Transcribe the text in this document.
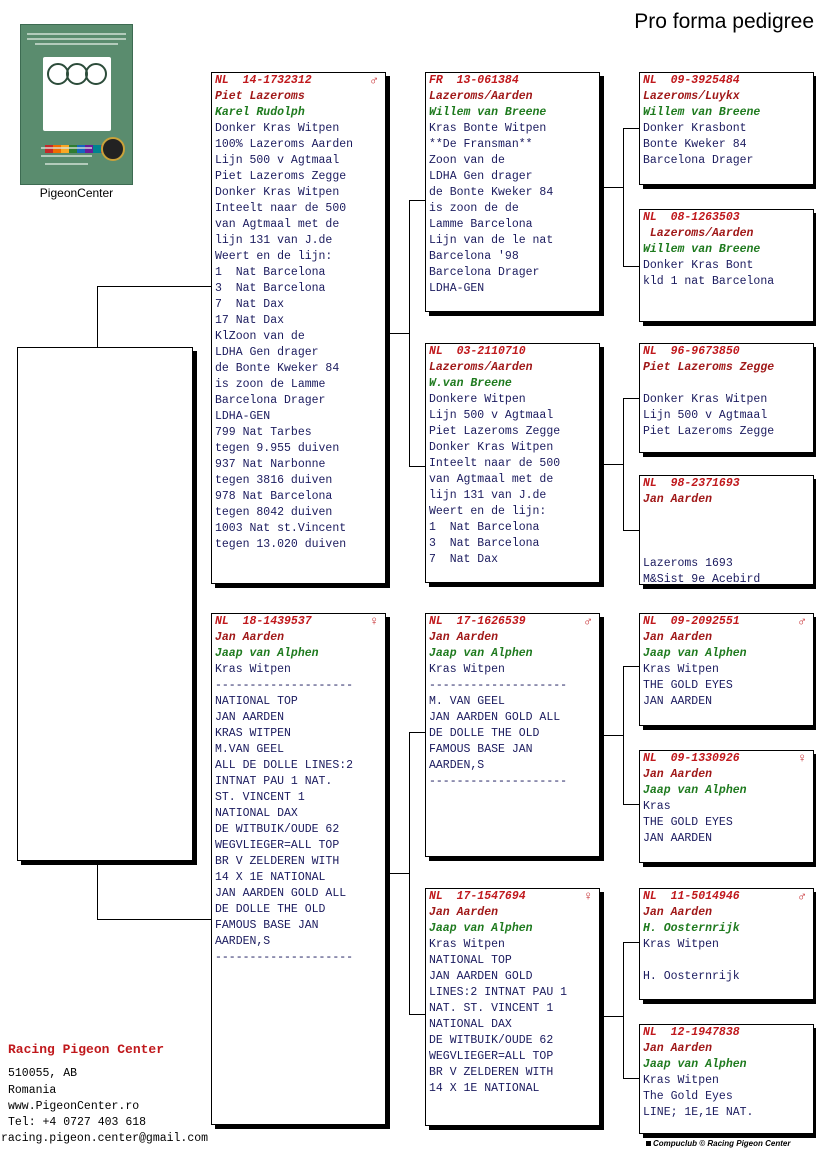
Pro forma pedigree
PigeonCenter
NL  14-1732312	♂
Piet Lazeroms
Karel Rudolph
Donker Kras Witpen
100% Lazeroms Aarden
Lijn 500 v Agtmaal
Piet Lazeroms Zegge
Donker Kras Witpen
Inteelt naar de 500
van Agtmaal met de
lijn 131 van J.de
Weert en de lijn:
1  Nat Barcelona
3  Nat Barcelona
7  Nat Dax
17 Nat Dax
KlZoon van de
LDHA Gen drager
de Bonte Kweker 84
is zoon de Lamme
Barcelona Drager
LDHA-GEN
799 Nat Tarbes
tegen 9.955 duiven
937 Nat Narbonne
tegen 3816 duiven
978 Nat Barcelona
tegen 8042 duiven
1003 Nat st.Vincent
tegen 13.020 duiven
NL  18-1439537	♀
Jan Aarden
Jaap van Alphen
Kras Witpen
--------------------
NATIONAL TOP
JAN AARDEN
KRAS WITPEN
M.VAN GEEL
ALL DE DOLLE LINES:2
INTNAT PAU 1 NAT.
ST. VINCENT 1
NATIONAL DAX
DE WITBUIK/OUDE 62
WEGVLIEGER=ALL TOP
BR V ZELDEREN WITH
14 X 1E NATIONAL
JAN AARDEN GOLD ALL
DE DOLLE THE OLD
FAMOUS BASE JAN
AARDEN,S
--------------------
FR  13-061384
Lazeroms/Aarden
Willem van Breene
Kras Bonte Witpen
**De Fransman**
Zoon van de
LDHA Gen drager
de Bonte Kweker 84
is zoon de de
Lamme Barcelona
Lijn van de le nat
Barcelona '98
Barcelona Drager
LDHA-GEN
NL  03-2110710
Lazeroms/Aarden
W.van Breene
Donkere Witpen
Lijn 500 v Agtmaal
Piet Lazeroms Zegge
Donker Kras Witpen
Inteelt naar de 500
van Agtmaal met de
lijn 131 van J.de
Weert en de lijn:
1  Nat Barcelona
3  Nat Barcelona
7  Nat Dax
NL  17-1626539	♂
Jan Aarden
Jaap van Alphen
Kras Witpen
--------------------
M. VAN GEEL
JAN AARDEN GOLD ALL
DE DOLLE THE OLD
FAMOUS BASE JAN
AARDEN,S
--------------------
NL  17-1547694	♀
Jan Aarden
Jaap van Alphen
Kras Witpen
NATIONAL TOP
JAN AARDEN GOLD
LINES:2 INTNAT PAU 1
NAT. ST. VINCENT 1
NATIONAL DAX
DE WITBUIK/OUDE 62
WEGVLIEGER=ALL TOP
BR V ZELDEREN WITH
14 X 1E NATIONAL
NL  09-3925484
Lazeroms/Luykx
Willem van Breene
Donker Krasbont
Bonte Kweker 84
Barcelona Drager
NL  08-1263503
Lazeroms/Aarden
Willem van Breene
Donker Kras Bont
kld 1 nat Barcelona
NL  96-9673850
Piet Lazeroms Zegge
Donker Kras Witpen
Lijn 500 v Agtmaal
Piet Lazeroms Zegge
NL  98-2371693
Jan Aarden
Lazeroms 1693
M&Sist 9e Acebird
NL  09-2092551	♂
Jan Aarden
Jaap van Alphen
Kras Witpen
THE GOLD EYES
JAN AARDEN
NL  09-1330926	♀
Jan Aarden
Jaap van Alphen
Kras
THE GOLD EYES
JAN AARDEN
NL  11-5014946	♂
Jan Aarden
H. Oosternrijk
Kras Witpen
H. Oosternrijk
NL  12-1947838
Jan Aarden
Jaap van Alphen
Kras Witpen
The Gold Eyes
LINE; 1E,1E NAT.
Racing Pigeon Center
510055, AB
Romania
www.PigeonCenter.ro
Tel: +4 0727 403 618
racing.pigeon.center@gmail.com	Compuclub © Racing Pigeon Center
